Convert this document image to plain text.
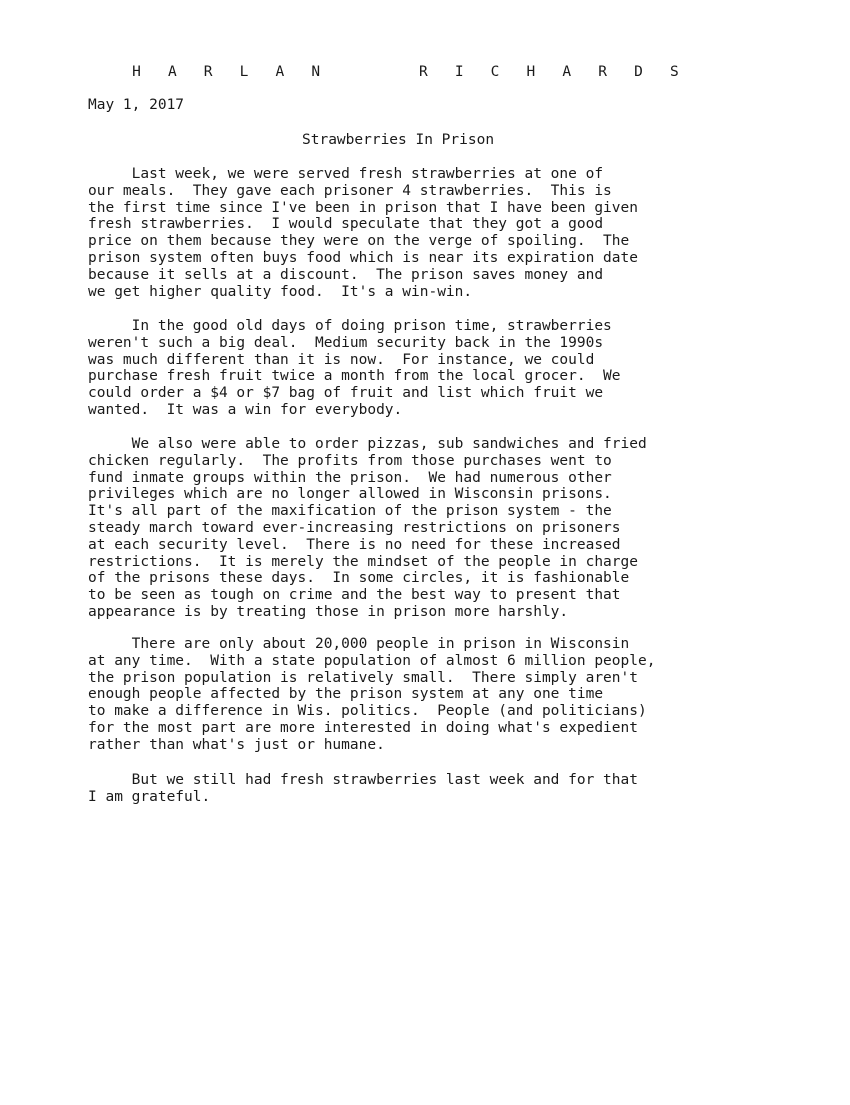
H A R L A N     R I C H A R D S
May 1, 2017
Strawberries In Prison
Last week, we were served fresh strawberries at one of
our meals.  They gave each prisoner 4 strawberries.  This is
the first time since I've been in prison that I have been given
fresh strawberries.  I would speculate that they got a good
price on them because they were on the verge of spoiling.  The
prison system often buys food which is near its expiration date
because it sells at a discount.  The prison saves money and
we get higher quality food.  It's a win-win.
In the good old days of doing prison time, strawberries
weren't such a big deal.  Medium security back in the 1990s
was much different than it is now.  For instance, we could
purchase fresh fruit twice a month from the local grocer.  We
could order a $4 or $7 bag of fruit and list which fruit we
wanted.  It was a win for everybody.
We also were able to order pizzas, sub sandwiches and fried
chicken regularly.  The profits from those purchases went to
fund inmate groups within the prison.  We had numerous other
privileges which are no longer allowed in Wisconsin prisons.
It's all part of the maxification of the prison system - the
steady march toward ever-increasing restrictions on prisoners
at each security level.  There is no need for these increased
restrictions.  It is merely the mindset of the people in charge
of the prisons these days.  In some circles, it is fashionable
to be seen as tough on crime and the best way to present that
appearance is by treating those in prison more harshly.
There are only about 20,000 people in prison in Wisconsin
at any time.  With a state population of almost 6 million people,
the prison population is relatively small.  There simply aren't
enough people affected by the prison system at any one time
to make a difference in Wis. politics.  People (and politicians)
for the most part are more interested in doing what's expedient
rather than what's just or humane.
But we still had fresh strawberries last week and for that
I am grateful.
